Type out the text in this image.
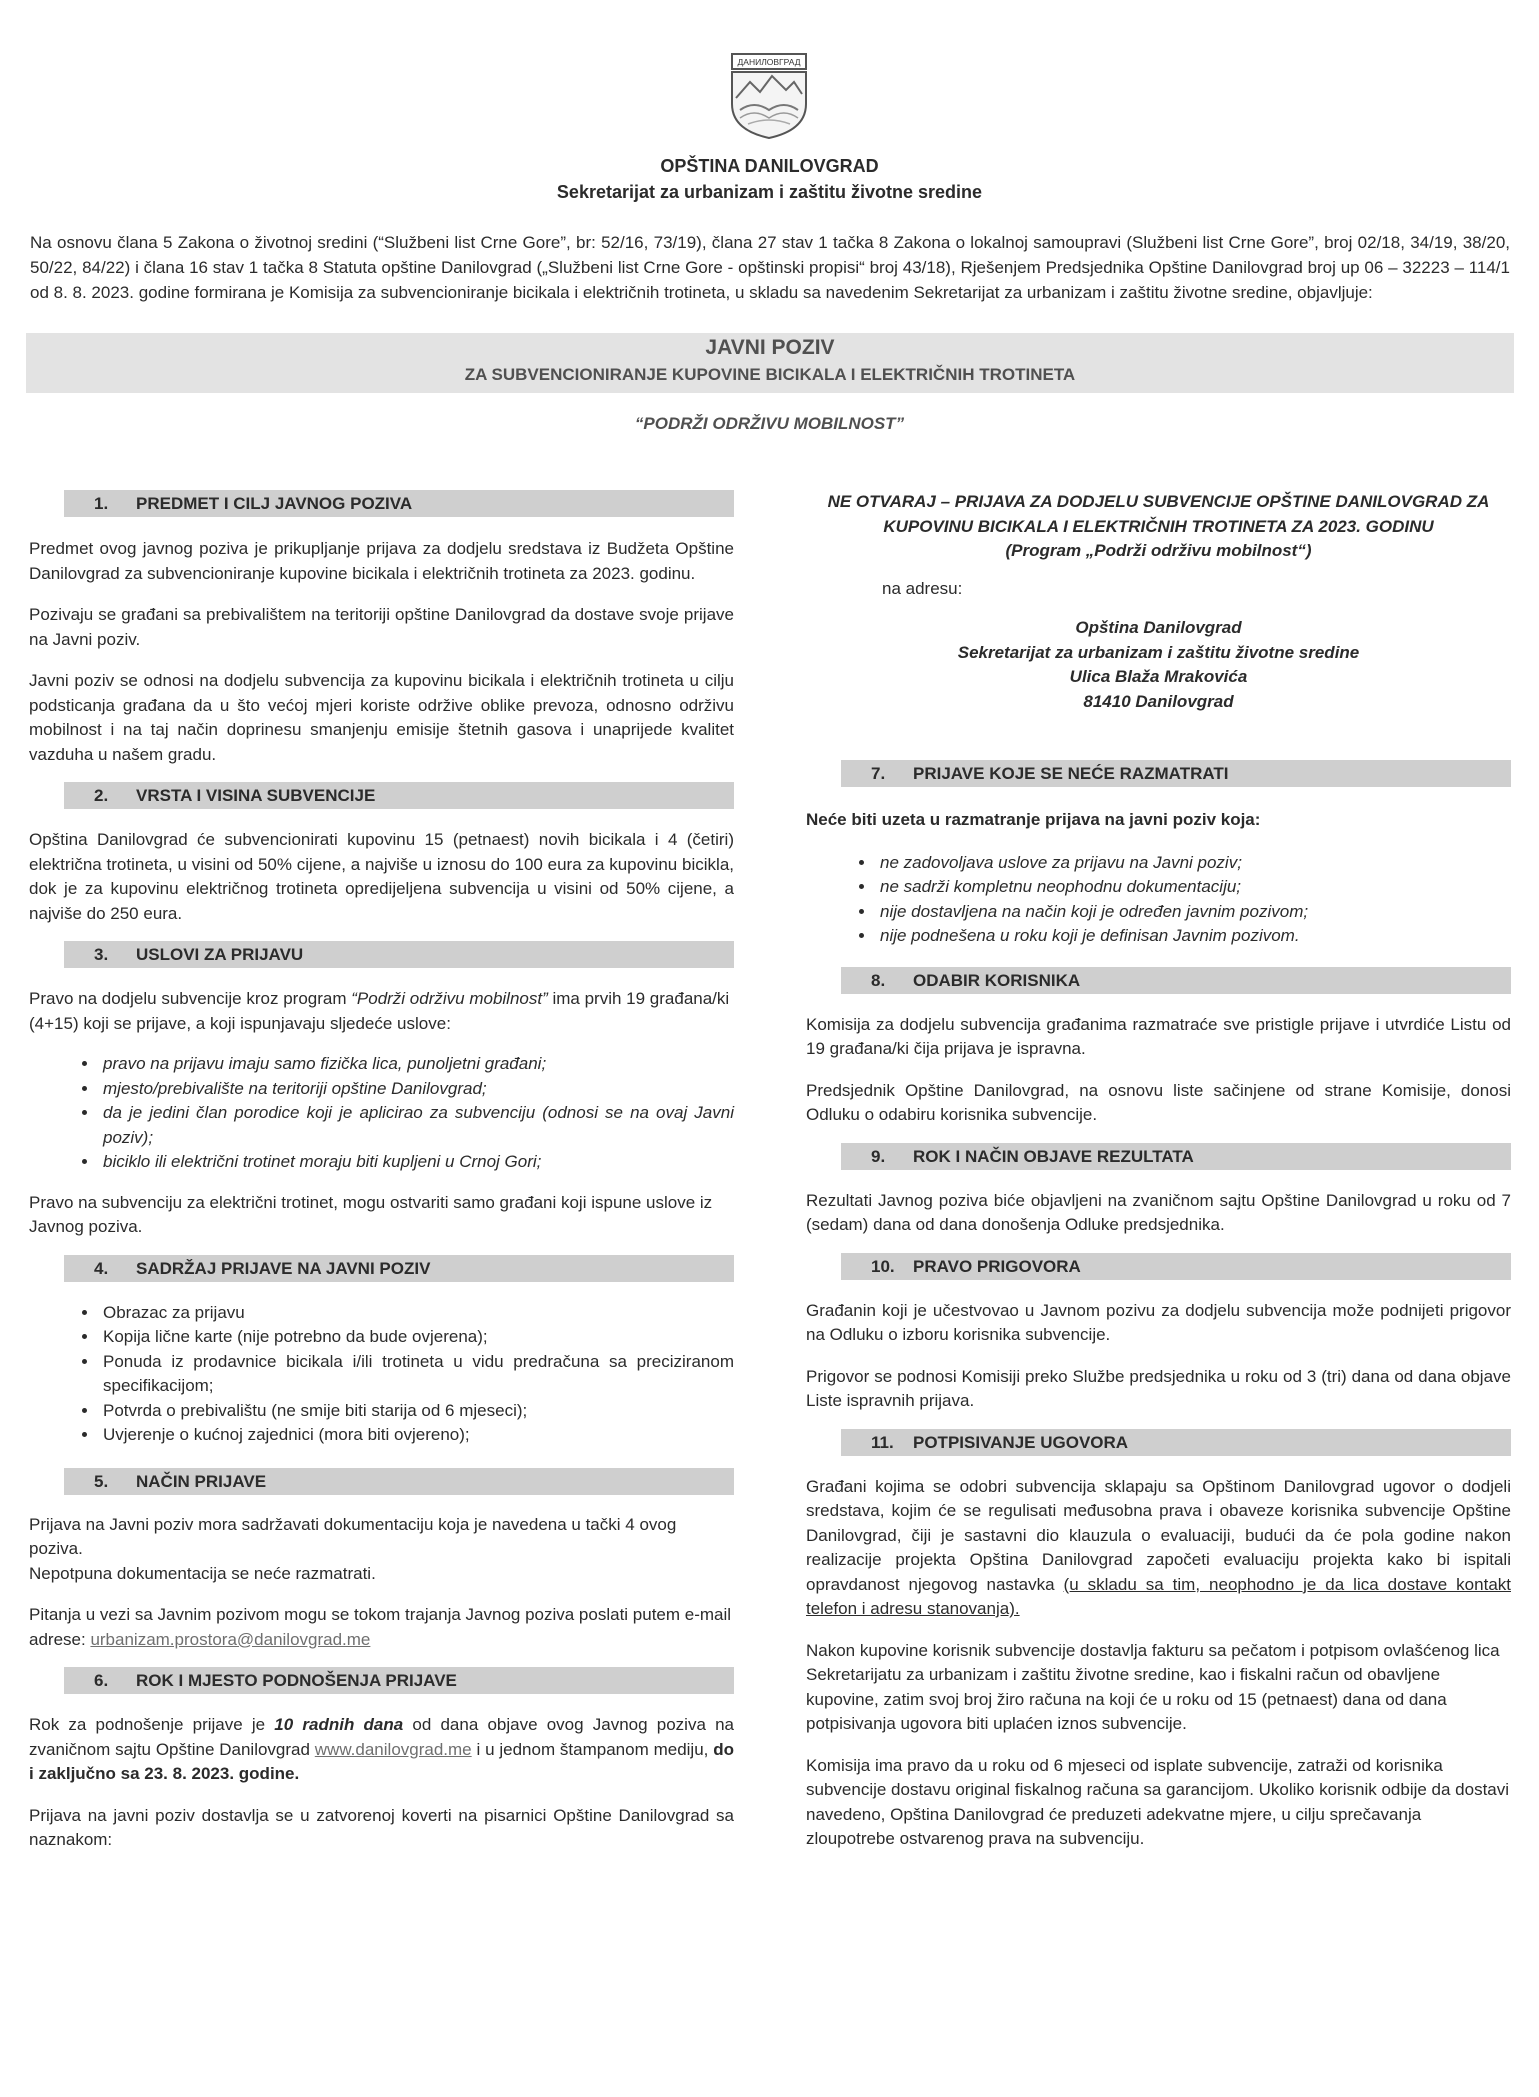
ДАНИЛОВГРАД
OPŠTINA DANILOVGRAD
Sekretarijat za urbanizam i zaštitu životne sredine

Na osnovu člana 5 Zakona o životnoj sredini (“Službeni list Crne Gore”, br: 52/16, 73/19), člana 27 stav 1 tačka 8 Zakona o lokalnoj samoupravi (Službeni list Crne Gore”, broj 02/18, 34/19, 38/20, 50/22, 84/22) i člana 16 stav 1 tačka 8 Statuta opštine Danilovgrad („Službeni list Crne Gore - opštinski propisi“ broj 43/18), Rješenjem Predsjednika Opštine Danilovgrad broj up 06 – 32223 – 114/1 od 8. 8. 2023. godine formirana je Komisija za subvencioniranje bicikala i električnih trotineta, u skladu sa navedenim Sekretarijat za urbanizam i zaštitu životne sredine, objavljuje:

JAVNI POZIV
ZA SUBVENCIONIRANJE KUPOVINE BICIKALA I ELEKTRIČNIH TROTINETA
“PODRŽI ODRŽIVU MOBILNOST”
1. PREDMET I CILJ JAVNOG POZIVA

Predmet ovog javnog poziva je prikupljanje prijava za dodjelu sredstava iz Budžeta Opštine Danilovgrad za subvencioniranje kupovine bicikala i električnih trotineta za 2023. godinu.

Pozivaju se građani sa prebivalištem na teritoriji opštine Danilovgrad da dostave svoje prijave na Javni poziv.

Javni poziv se odnosi na dodjelu subvencija za kupovinu bicikala i električnih trotineta u cilju podsticanja građana da u što većoj mjeri koriste održive oblike prevoza, odnosno održivu mobilnost i na taj način doprinesu smanjenju emisije štetnih gasova i unaprijede kvalitet vazduha u našem gradu.

2. VRSTA I VISINA SUBVENCIJE

Opština Danilovgrad će subvencionirati kupovinu 15 (petnaest) novih bicikala i 4 (četiri) električna trotineta, u visini od 50% cijene, a najviše u iznosu do 100 eura za kupovinu bicikla, dok je za kupovinu električnog trotineta opredijeljena subvencija u visini od 50% cijene, a najviše do 250 eura.

3. USLOVI ZA PRIJAVU

Pravo na dodjelu subvencije kroz program “Podrži održivu mobilnost” ima prvih 19 građana/ki (4+15) koji se prijave, a koji ispunjavaju sljedeće uslove:

• pravo na prijavu imaju samo fizička lica, punoljetni građani;
• mjesto/prebivalište na teritoriji opštine Danilovgrad;
• da je jedini član porodice koji je aplicirao za subvenciju (odnosi se na ovaj Javni poziv);
• biciklo ili električni trotinet moraju biti kupljeni u Crnoj Gori;

Pravo na subvenciju za električni trotinet, mogu ostvariti samo građani koji ispune uslove iz Javnog poziva.

4. SADRŽAJ PRIJAVE NA JAVNI POZIV
• Obrazac za prijavu
• Kopija lične karte (nije potrebno da bude ovjerena);
• Ponuda iz prodavnice bicikala i/ili trotineta u vidu predračuna sa preciziranom specifikacijom;
• Potvrda o prebivalištu (ne smije biti starija od 6 mjeseci);
• Uvjerenje o kućnoj zajednici (mora biti ovjereno);
5. NAČIN PRIJAVE

Prijava na Javni poziv mora sadržavati dokumentaciju koja je navedena u tački 4 ovog poziva.

Nepotpuna dokumentacija se neće razmatrati.

Pitanja u vezi sa Javnim pozivom mogu se tokom trajanja Javnog poziva poslati putem e-mail adrese: urbanizam.prostora@danilovgrad.me

6. ROK I MJESTO PODNOŠENJA PRIJAVE

Rok za podnošenje prijave je 10 radnih dana od dana objave ovog Javnog poziva na zvaničnom sajtu Opštine Danilovgrad www.danilovgrad.me i u jednom štampanom mediju, do i zaključno sa 23. 8. 2023. godine.

Prijava na javni poziv dostavlja se u zatvorenoj koverti na pisarnici Opštine Danilovgrad sa naznakom:

NE OTVARAJ – PRIJAVA ZA DODJELU SUBVENCIJE OPŠTINE DANILOVGRAD ZA
KUPOVINU BICIKALA I ELEKTRIČNIH TROTINETA ZA 2023. GODINU
(Program „Podrži održivu mobilnost“)

na adresu:

Opština Danilovgrad
Sekretarijat za urbanizam i zaštitu životne sredine
Ulica Blaža Mrakovića
81410 Danilovgrad
7. PRIJAVE KOJE SE NEĆE RAZMATRATI

Neće biti uzeta u razmatranje prijava na javni poziv koja:

• ne zadovoljava uslove za prijavu na Javni poziv;
• ne sadrži kompletnu neophodnu dokumentaciju;
• nije dostavljena na način koji je određen javnim pozivom;
• nije podnešena u roku koji je definisan Javnim pozivom.
8. ODABIR KORISNIKA

Komisija za dodjelu subvencija građanima razmatraće sve pristigle prijave i utvrdiće Listu od 19 građana/ki čija prijava je ispravna.

Predsjednik Opštine Danilovgrad, na osnovu liste sačinjene od strane Komisije, donosi Odluku o odabiru korisnika subvencije.

9. ROK I NAČIN OBJAVE REZULTATA

Rezultati Javnog poziva biće objavljeni na zvaničnom sajtu Opštine Danilovgrad u roku od 7 (sedam) dana od dana donošenja Odluke predsjednika.

10. PRAVO PRIGOVORA

Građanin koji je učestvovao u Javnom pozivu za dodjelu subvencija može podnijeti prigovor na Odluku o izboru korisnika subvencije.

Prigovor se podnosi Komisiji preko Službe predsjednika u roku od 3 (tri) dana od dana objave Liste ispravnih prijava.

11. POTPISIVANJE UGOVORA

Građani kojima se odobri subvencija sklapaju sa Opštinom Danilovgrad ugovor o dodjeli sredstava, kojim će se regulisati međusobna prava i obaveze korisnika subvencije Opštine Danilovgrad, čiji je sastavni dio klauzula o evaluaciji, budući da će pola godine nakon realizacije projekta Opština Danilovgrad započeti evaluaciju projekta kako bi ispitali opravdanost njegovog nastavka (u skladu sa tim, neophodno je da lica dostave kontakt telefon i adresu stanovanja).

Nakon kupovine korisnik subvencije dostavlja fakturu sa pečatom i potpisom ovlašćenog lica Sekretarijatu za urbanizam i zaštitu životne sredine, kao i fiskalni račun od obavljene kupovine, zatim svoj broj žiro računa na koji će u roku od 15 (petnaest) dana od dana potpisivanja ugovora biti uplaćen iznos subvencije.

Komisija ima pravo da u roku od 6 mjeseci od isplate subvencije, zatraži od korisnika subvencije dostavu original fiskalnog računa sa garancijom. Ukoliko korisnik odbije da dostavi navedeno, Opština Danilovgrad će preduzeti adekvatne mjere, u cilju sprečavanja zloupotrebe ostvarenog prava na subvenciju.
